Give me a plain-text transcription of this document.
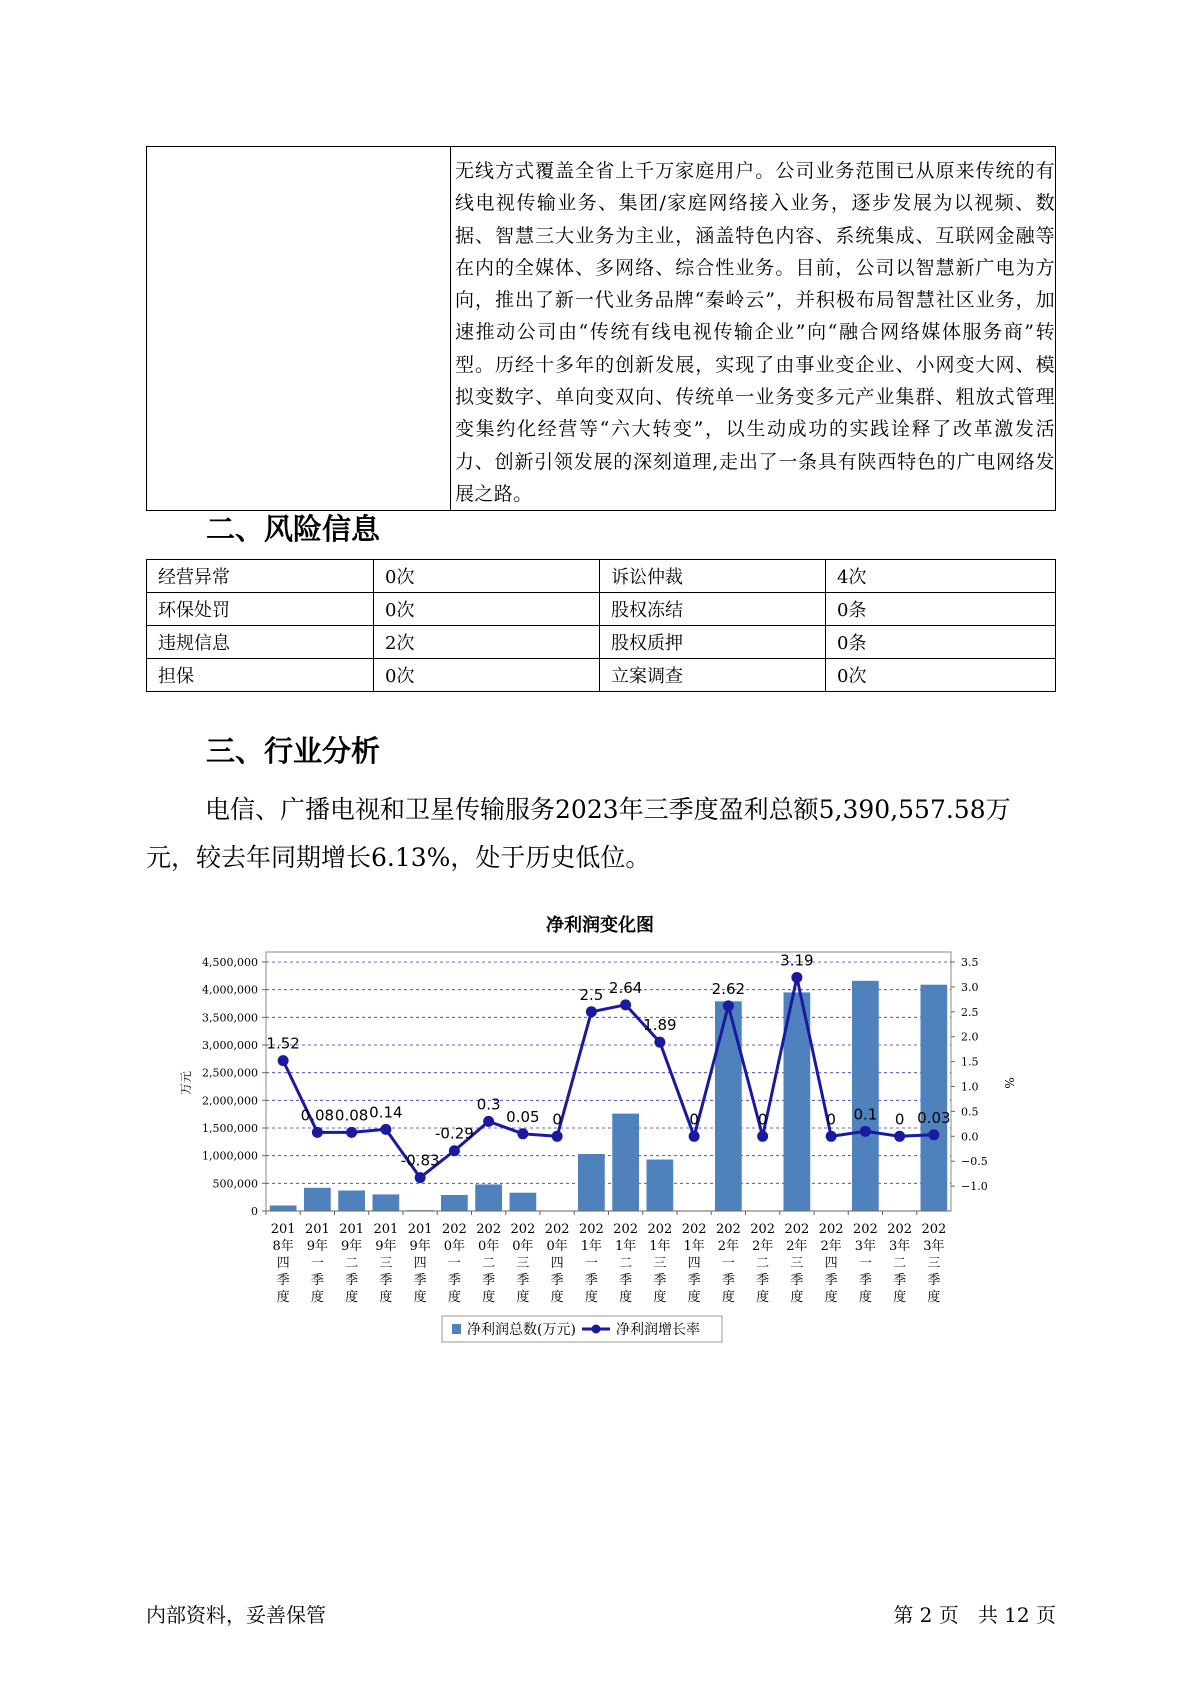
无线方式覆盖全省上千万家庭用户。公司业务范围已从原来传统的有线电视传输业务、集团/家庭网络接入业务，逐步发展为以视频、数据、智慧三大业务为主业，涵盖特色内容、系统集成、互联网金融等在内的全媒体、多网络、综合性业务。目前，公司以智慧新广电为方向，推出了新一代业务品牌“秦岭云”，并积极布局智慧社区业务，加速推动公司由“传统有线电视传输企业”向“融合网络媒体服务商”转型。历经十多年的创新发展，实现了由事业变企业、小网变大网、模拟变数字、单向变双向、传统单一业务变多元产业集群、粗放式管理变集约化经营等“六大转变”，以生动成功的实践诠释了改革激发活力、创新引领发展的深刻道理,走出了一条具有陕西特色的广电网络发展之路。
二、风险信息
经营异常	0次	诉讼仲裁	4次
环保处罚	0次	股权冻结	0条
违规信息	2次	股权质押	0条
担保	0次	立案调查	0次
三、行业分析
电信、广播电视和卫星传输服务2023年三季度盈利总额5,390,557.58万元，较去年同期增长6.13%，处于历史低位。
净利润变化图
4,500,000
4,000,000
3,500,000
3,000,000
2,500,000
2,000,000
1,500,000
1,000,000
500,000
0
3.5
3.0
2.5
2.0
1.5
1.0
0.5
0.0
−0.5
−1.0
万元	%
201
8年
四
季
度
201
9年
一
季
度
201
9年
二
季
度
201
9年
三
季
度
201
9年
四
季
度
202
0年
一
季
度
202
0年
二
季
度
202
0年
三
季
度
202
0年
四
季
度
202
1年
一
季
度
202
1年
二
季
度
202
1年
三
季
度
202
1年
四
季
度
202
2年
一
季
度
202
2年
二
季
度
202
2年
三
季
度
202
2年
四
季
度
202
3年
一
季
度
202
3年
二
季
度
202
3年
三
季
度
1.52
0.08 0.08 0.14
-0.83
-0.29
0.3
0.05 0
2.5 2.64
1.89
0
2.62
0
3.19
0 0.1 0 0.03
净利润总数(万元)	净利润增长率
内部资料，妥善保管	第 2 页   共 12 页
